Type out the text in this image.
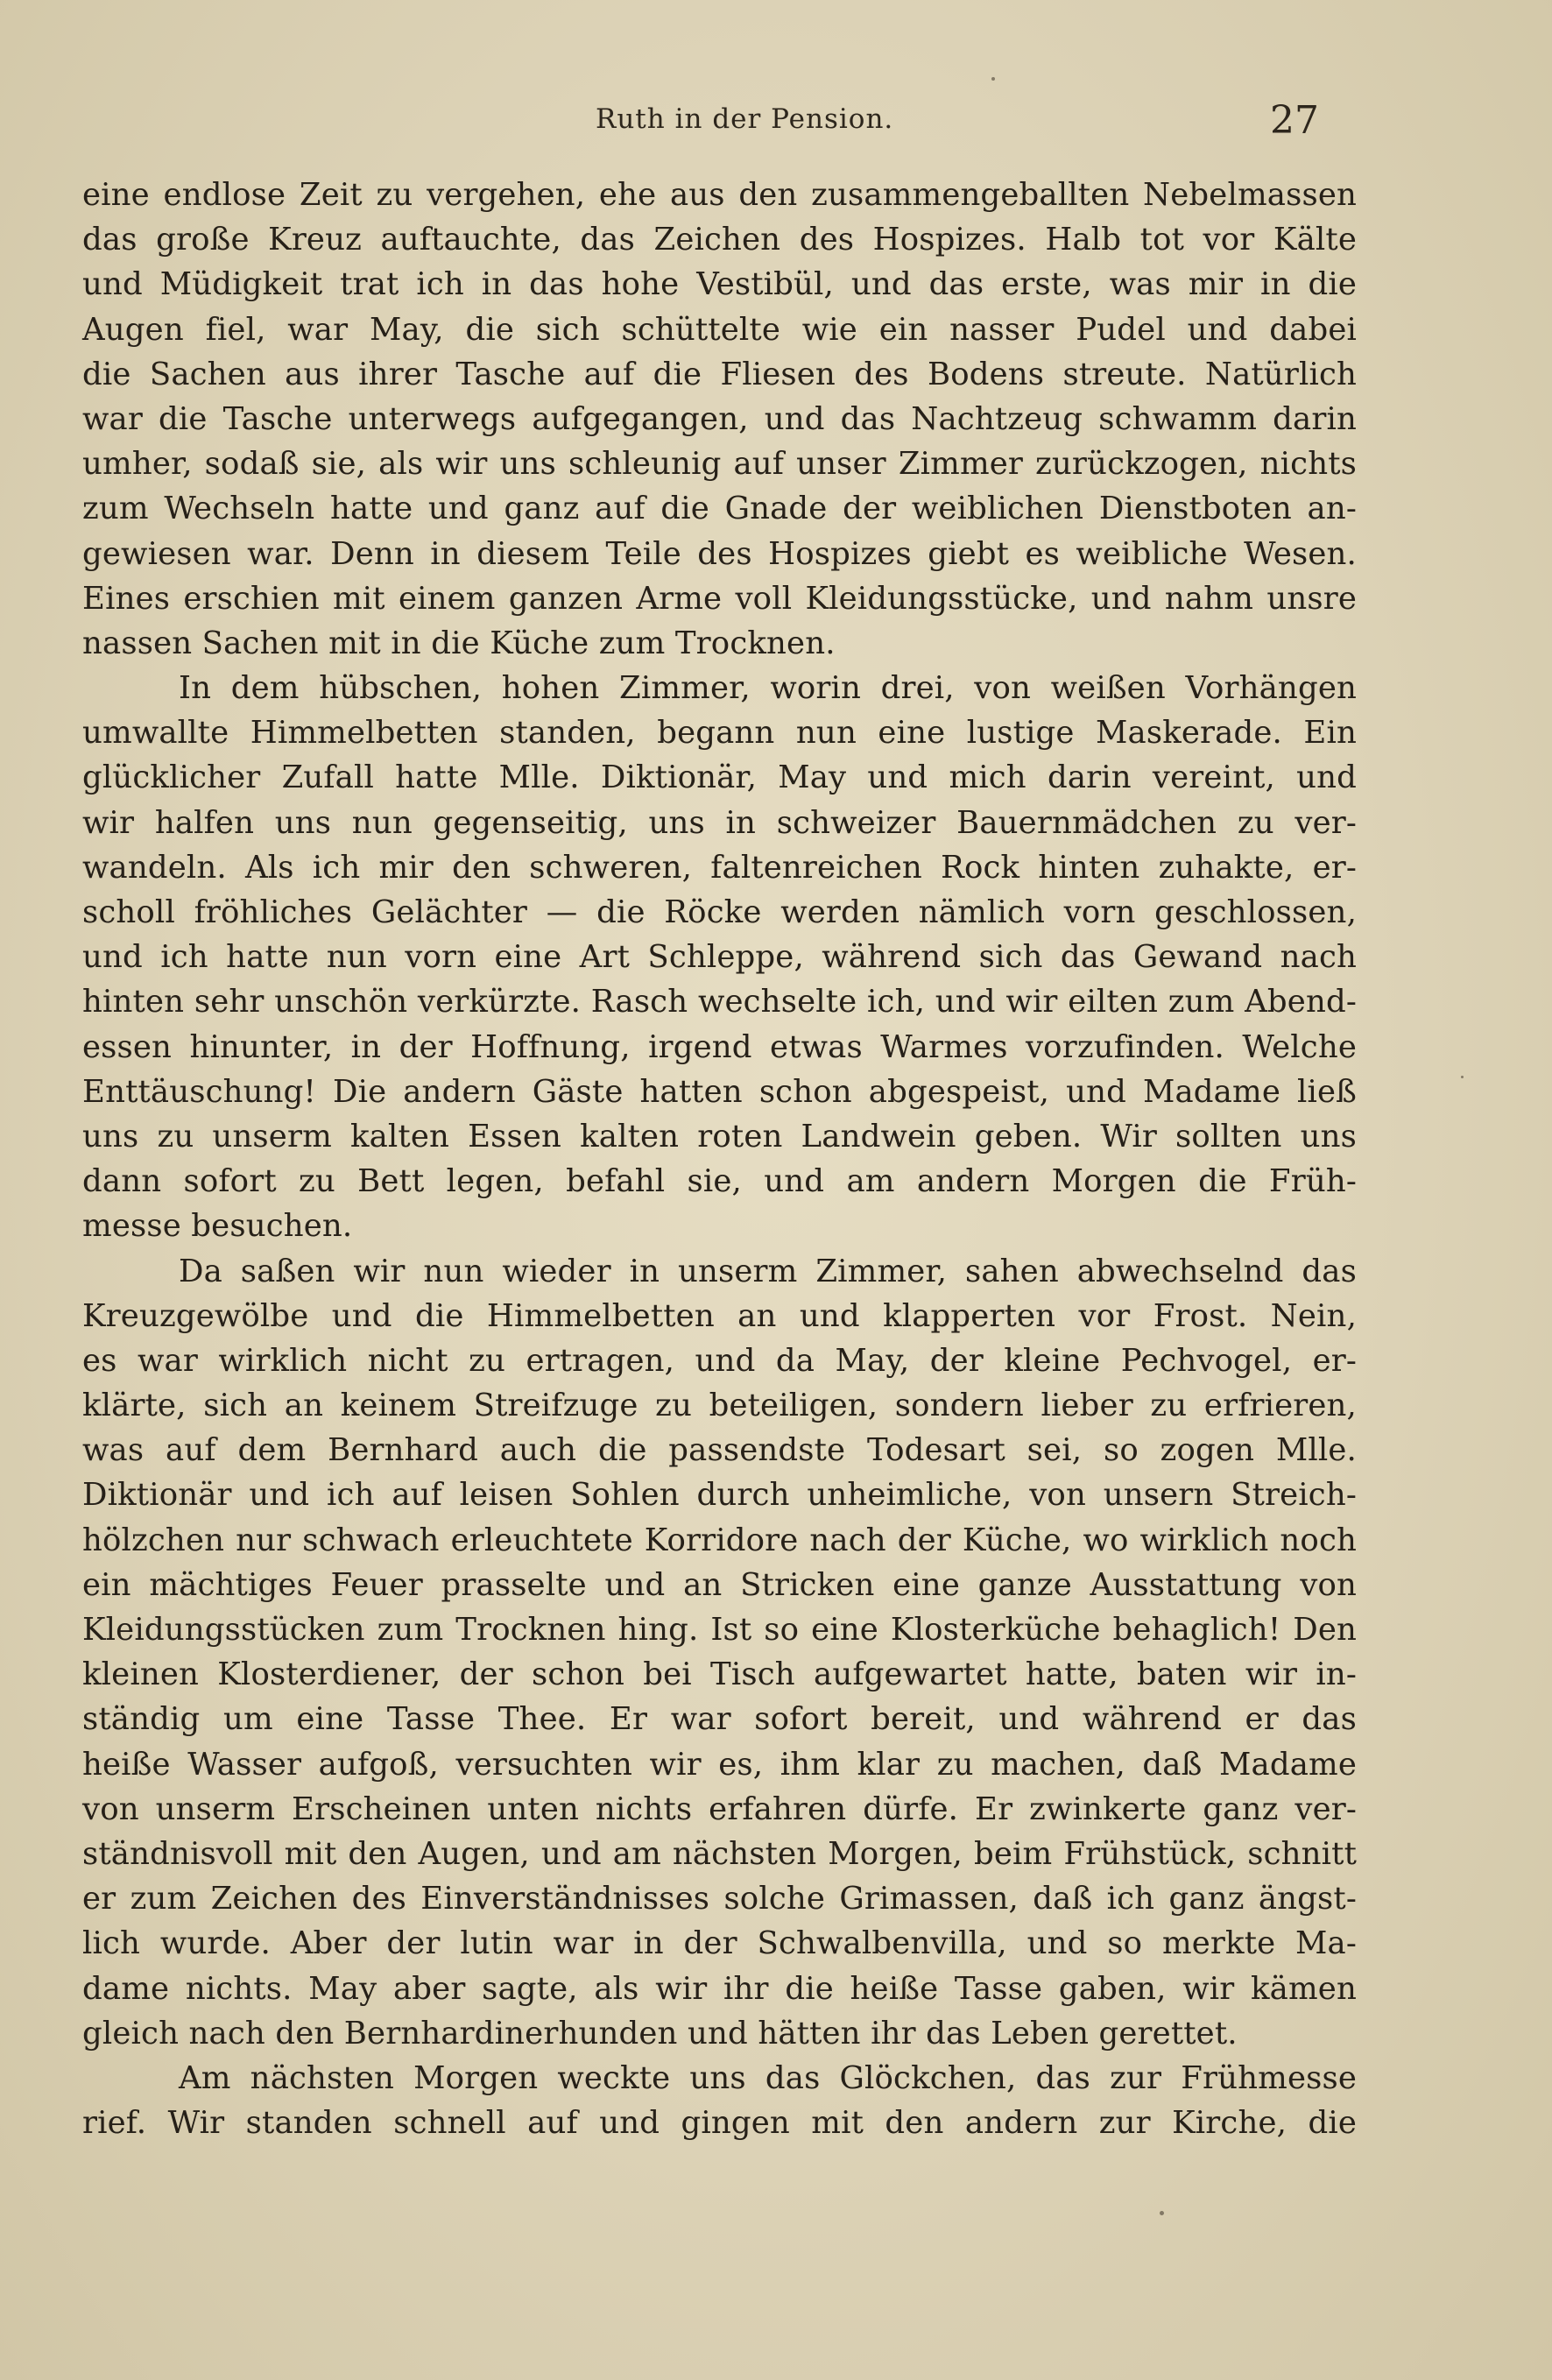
Ruth in der Pension.	27
eine endlose Zeit zu vergehen, ehe aus den zusammengeballten Nebelmassen
das große Kreuz auftauchte, das Zeichen des Hospizes. Halb tot vor Kälte
und Müdigkeit trat ich in das hohe Vestibül, und das erste, was mir in die
Augen fiel, war May, die sich schüttelte wie ein nasser Pudel und dabei
die Sachen aus ihrer Tasche auf die Fliesen des Bodens streute. Natürlich
war die Tasche unterwegs aufgegangen, und das Nachtzeug schwamm darin
umher, sodaß sie, als wir uns schleunig auf unser Zimmer zurückzogen, nichts
zum Wechseln hatte und ganz auf die Gnade der weiblichen Dienstboten an-
gewiesen war. Denn in diesem Teile des Hospizes giebt es weibliche Wesen.
Eines erschien mit einem ganzen Arme voll Kleidungsstücke, und nahm unsre
nassen Sachen mit in die Küche zum Trocknen.
In dem hübschen, hohen Zimmer, worin drei, von weißen Vorhängen
umwallte Himmelbetten standen, begann nun eine lustige Maskerade. Ein
glücklicher Zufall hatte Mlle. Diktionär, May und mich darin vereint, und
wir halfen uns nun gegenseitig, uns in schweizer Bauernmädchen zu ver-
wandeln. Als ich mir den schweren, faltenreichen Rock hinten zuhakte, er-
scholl fröhliches Gelächter — die Röcke werden nämlich vorn geschlossen,
und ich hatte nun vorn eine Art Schleppe, während sich das Gewand nach
hinten sehr unschön verkürzte. Rasch wechselte ich, und wir eilten zum Abend-
essen hinunter, in der Hoffnung, irgend etwas Warmes vorzufinden. Welche
Enttäuschung! Die andern Gäste hatten schon abgespeist, und Madame ließ
uns zu unserm kalten Essen kalten roten Landwein geben. Wir sollten uns
dann sofort zu Bett legen, befahl sie, und am andern Morgen die Früh-
messe besuchen.
Da saßen wir nun wieder in unserm Zimmer, sahen abwechselnd das
Kreuzgewölbe und die Himmelbetten an und klapperten vor Frost. Nein,
es war wirklich nicht zu ertragen, und da May, der kleine Pechvogel, er-
klärte, sich an keinem Streifzuge zu beteiligen, sondern lieber zu erfrieren,
was auf dem Bernhard auch die passendste Todesart sei, so zogen Mlle.
Diktionär und ich auf leisen Sohlen durch unheimliche, von unsern Streich-
hölzchen nur schwach erleuchtete Korridore nach der Küche, wo wirklich noch
ein mächtiges Feuer prasselte und an Stricken eine ganze Ausstattung von
Kleidungsstücken zum Trocknen hing. Ist so eine Klosterküche behaglich! Den
kleinen Klosterdiener, der schon bei Tisch aufgewartet hatte, baten wir in-
ständig um eine Tasse Thee. Er war sofort bereit, und während er das
heiße Wasser aufgoß, versuchten wir es, ihm klar zu machen, daß Madame
von unserm Erscheinen unten nichts erfahren dürfe. Er zwinkerte ganz ver-
ständnisvoll mit den Augen, und am nächsten Morgen, beim Frühstück, schnitt
er zum Zeichen des Einverständnisses solche Grimassen, daß ich ganz ängst-
lich wurde. Aber der lutin war in der Schwalbenvilla, und so merkte Ma-
dame nichts. May aber sagte, als wir ihr die heiße Tasse gaben, wir kämen
gleich nach den Bernhardinerhunden und hätten ihr das Leben gerettet.
Am nächsten Morgen weckte uns das Glöckchen, das zur Frühmesse
rief. Wir standen schnell auf und gingen mit den andern zur Kirche, die
